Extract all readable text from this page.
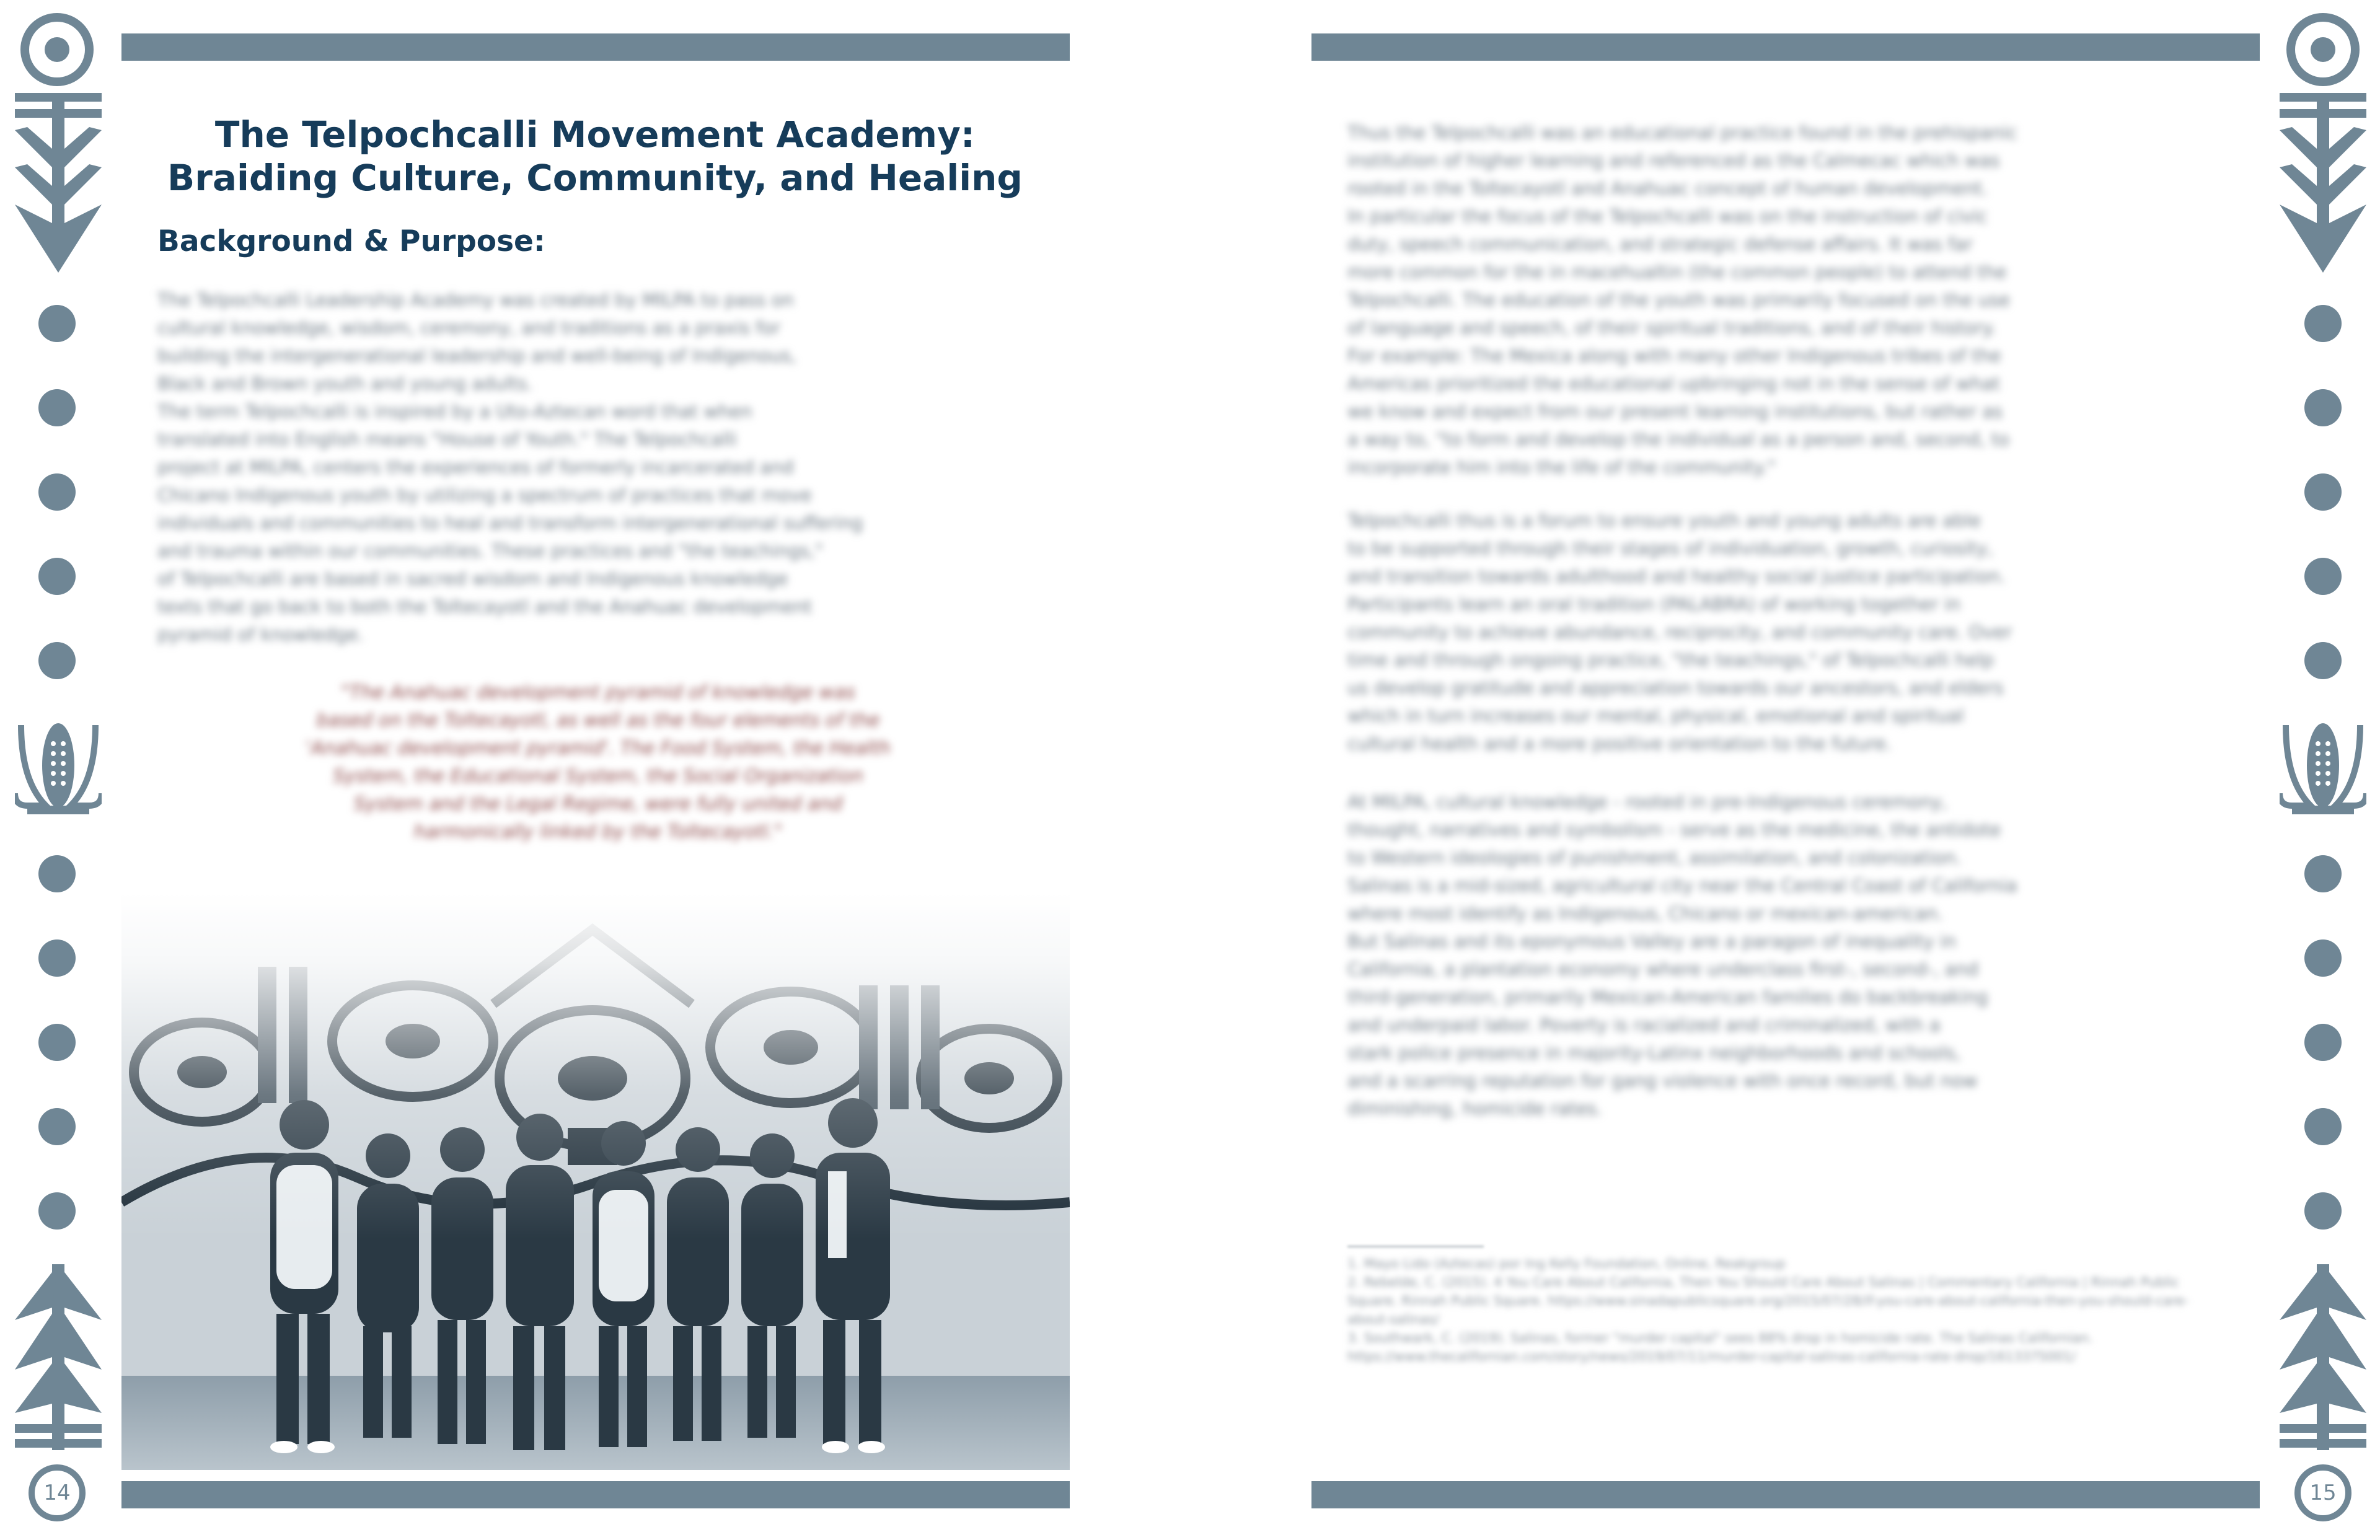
14
The Telpochcalli Movement Academy:
Braiding Culture, Community, and Healing
Background & Purpose:
The Telpochcalli Leadership Academy was created by MILPA to pass on
cultural knowledge, wisdom, ceremony, and traditions as a praxis for
building the intergenerational leadership and well-being of Indigenous,
Black and Brown youth and young adults.
The term Telpochcalli is inspired by a Uto-Aztecan word that when
translated into English means "House of Youth." The Telpochcalli
project at MILPA, centers the experiences of formerly incarcerated and
Chicano Indigenous youth by utilizing a spectrum of practices that move
individuals and communities to heal and transform intergenerational suffering
and trauma within our communities. These practices and "the teachings,"
of Telpochcalli are based in sacred wisdom and Indigenous knowledge
texts that go back to both the Toltecayotl and the Anahuac development
pyramid of knowledge.
"The Anahuac development pyramid of knowledge was
based on the Toltecayotl, as well as the four elements of the
'Anahuac development pyramid'. The Food System, the Health
System, the Educational System, the Social Organization
System and the Legal Regime, were fully united and
harmonically linked by the Toltecayotl."
15
Thus the Telpochcalli was an educational practice found in the prehispanic
institution of higher learning and referenced as the Calmecac which was
rooted in the Toltecayotl and Anahuac concept of human development.
In particular the focus of the Telpochcalli was on the instruction of civic
duty, speech communication, and strategic defense affairs. It was far
more common for the in macehualtin (the common people) to attend the
Telpochcalli. The education of the youth was primarily focused on the use
of language and speech, of their spiritual traditions, and of their history.
For example: The Mexica along with many other Indigenous tribes of the
Americas prioritized the educational upbringing not in the sense of what
we know and expect from our present learning institutions, but rather as
a way to, "to form and develop the individual as a person and, second, to
incorporate him into the life of the community."
Telpochcalli thus is a forum to ensure youth and young adults are able
to be supported through their stages of individuation, growth, curiosity,
and transition towards adulthood and healthy social justice participation.
Participants learn an oral tradition (PALABRA) of working together in
community to achieve abundance, reciprocity, and community care. Over
time and through ongoing practice, "the teachings," of Telpochcalli help
us develop gratitude and appreciation towards our ancestors, and elders
which in turn increases our mental, physical, emotional and spiritual
cultural health and a more positive orientation to the future.
At MILPA, cultural knowledge - rooted in pre-Indigenous ceremony,
thought, narratives and symbolism - serve as the medicine, the antidote
to Western ideologies of punishment, assimilation, and colonization.
Salinas is a mid-sized, agricultural city near the Central Coast of California
where most identify as Indigenous, Chicano or mexican-american.
But Salinas and its eponymous Valley are a paragon of inequality in
California, a plantation economy where underclass first-, second-, and
third-generation, primarily Mexican-American families do backbreaking
and underpaid labor. Poverty is racialized and criminalized, with a
stark police presence in majority-Latinx neighborhoods and schools,
and a scarring reputation for gang violence with once record, but now
diminishing, homicide rates.
1. Mayo Lido (Aztecas) por Ing Kelly Foundation, Online, Reakgroup
2. Rebelde, C. (2015). 4 You Care About California, Then You Should Care About Salinas | Commentary California | Rinnah Public Square. Rinnah Public Square. https://www.sinadapublicsquare.org/2015/07/28/if-you-care-about-california-then-you-should-care-about-salinas/
3. Southwark, C. (2019). Salinas, former "murder capital" sees 88% drop in homicide rate. The Salinas Californian. https://www.thecalifornian.com/story/news/2019/07/11/murder-capital-salinas-california-rate-drop/1613375001/
